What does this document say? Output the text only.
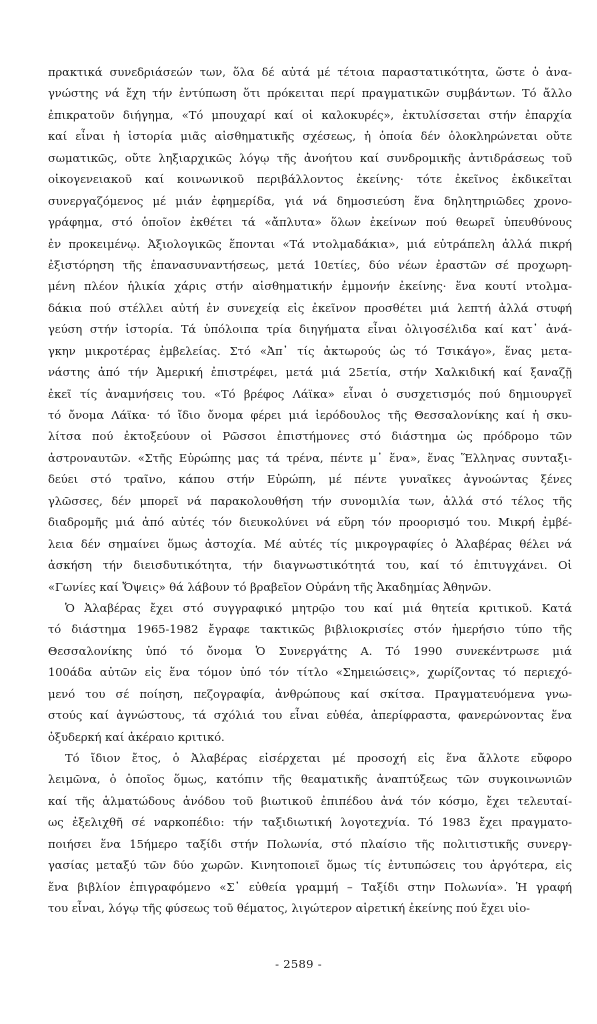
πρακτικά συνεδριάσεών των, ὅλα δέ αὐτά μέ τέτοια παραστατικότητα, ὥστε ὁ ἀνα-
γνώστης νά ἔχη τήν ἐντύπωση ὅτι πρόκειται περί πραγματικῶν συμβάντων. Τό ἄλλο
ἐπικρατοῦν διήγημα, «Τό μπουχαρί καί οἱ καλοκυρές», ἐκτυλίσσεται στήν ἐπαρχία
καί εἶναι ἡ ἱστορία μιᾶς αἰσθηματικῆς σχέσεως, ἡ ὁποία δέν ὁλοκληρώνεται οὔτε
σωματικῶς, οὔτε ληξιαρχικῶς λόγῳ τῆς ἀνοήτου καί συνδρομικῆς ἀντιδράσεως τοῦ
οἰκογενειακοῦ καί κοινωνικοῦ περιβάλλοντος ἐκείνης· τότε ἐκεῖνος ἐκδικεῖται
συνεργαζόμενος μέ μιάν ἐφημερίδα, γιά νά δημοσιεύση ἕνα δηλητηριῶδες χρονο-
γράφημα, στό ὁποῖον ἐκθέτει τά «ἄπλυτα» ὅλων ἐκείνων πού θεωρεῖ ὑπευθύνους
ἐν προκειμένῳ. Ἀξιολογικῶς ἕπονται «Τά ντολμαδάκια», μιά εὐτράπελη ἀλλά πικρή
ἐξιστόρηση τῆς ἐπανασυναντήσεως, μετά 10ετίες, δύο νέων ἐραστῶν σέ προχωρη-
μένη πλέον ἡλικία χάρις στήν αἰσθηματικήν ἐμμονήν ἐκείνης· ἕνα κουτί ντολμα-
δάκια πού στέλλει αὐτή ἐν συνεχείᾳ εἰς ἐκεῖνον προσθέτει μιά λεπτή ἀλλά στυφή
γεύση στήν ἱστορία. Τά ὑπόλοιπα τρία διηγήματα εἶναι ὀλιγοσέλιδα καί κατ᾽ ἀνά-
γκην μικροτέρας ἐμβελείας. Στό «Ἀπ᾽ τίς ἀκτωρούς ὡς τό Τσικάγο», ἕνας μετα-
νάστης ἀπό τήν Ἀμερική ἐπιστρέφει, μετά μιά 25ετία, στήν Χαλκιδική καί ξαναζῇ
ἐκεῖ τίς ἀναμνήσεις του. «Τό βρέφος Λάϊκα» εἶναι ὁ συσχετισμός πού δημιουργεῖ
τό ὄνομα Λάϊκα· τό ἴδιο ὄνομα φέρει μιά ἱερόδουλος τῆς Θεσσαλονίκης καί ἡ σκυ-
λίτσα πού ἐκτοξεύουν οἱ Ρῶσσοι ἐπιστήμονες στό διάστημα ὡς πρόδρομο τῶν
ἀστροναυτῶν. «Στῆς Εὐρώπης μας τά τρένα, πέντε μ᾽ ἕνα», ἕνας Ἕλληνας συνταξι-
δεύει στό τραῖνο, κάπου στήν Εὐρώπη, μέ πέντε γυναῖκες ἀγνοώντας ξένες
γλῶσσες, δέν μπορεῖ νά παρακολουθήση τήν συνομιλία των, ἀλλά στό τέλος τῆς
διαδρομῆς μιά ἀπό αὐτές τόν διευκολύνει νά εὕρη τόν προορισμό του. Μικρή ἐμβέ-
λεια δέν σημαίνει ὅμως ἀστοχία. Μέ αὐτές τίς μικρογραφίες ὁ Ἀλαβέρας θέλει νά
ἀσκήση τήν διεισδυτικότητα, τήν διαγνωστικότητά του, καί τό ἐπιτυγχάνει. Οἱ
«Γωνίες καί Ὄψεις» θά λάβουν τό βραβεῖον Οὐράνη τῆς Ἀκαδημίας Ἀθηνῶν.
Ὁ Ἀλαβέρας ἔχει στό συγγραφικό μητρῷο του καί μιά θητεία κριτικοῦ. Κατά
τό διάστημα 1965-1982 ἔγραφε τακτικῶς βιβλιοκρισίες στόν ἡμερήσιο τύπο τῆς
Θεσσαλονίκης ὑπό τό ὄνομα Ὁ Συνεργάτης Α. Τό 1990 συνεκέντρωσε μιά
100άδα αὐτῶν εἰς ἕνα τόμον ὑπό τόν τίτλο «Σημειώσεις», χωρίζοντας τό περιεχό-
μενό του σέ ποίηση, πεζογραφία, ἀνθρώπους καί σκίτσα. Πραγματευόμενα γνω-
στούς καί ἀγνώστους, τά σχόλιά του εἶναι εὐθέα, ἀπερίφραστα, φανερώνοντας ἕνα
ὀξυδερκή καί ἀκέραιο κριτικό.
Τό ἴδιον ἔτος, ὁ Ἀλαβέρας εἰσέρχεται μέ προσοχή εἰς ἕνα ἄλλοτε εὔφορο
λειμῶνα, ὁ ὁποῖος ὅμως, κατόπιν τῆς θεαματικῆς ἀναπτύξεως τῶν συγκοινωνιῶν
καί τῆς ἁλματώδους ἀνόδου τοῦ βιωτικοῦ ἐπιπέδου ἀνά τόν κόσμο, ἔχει τελευταί-
ως ἐξελιχθῆ σέ ναρκοπέδιο: τήν ταξιδιωτική λογοτεχνία. Τό 1983 ἔχει πραγματο-
ποιήσει ἕνα 15ήμερο ταξίδι στήν Πολωνία, στό πλαίσιο τῆς πολιτιστικῆς συνεργ-
γασίας μεταξύ τῶν δύο χωρῶν. Κινητοποιεῖ ὅμως τίς ἐντυπώσεις του ἀργότερα, εἰς
ἕνα βιβλίον ἐπιγραφόμενο «Σ᾽ εὐθεία γραμμή – Ταξίδι στην Πολωνία». Ἡ γραφή
του εἶναι, λόγῳ τῆς φύσεως τοῦ θέματος, λιγώτερον αἱρετική ἐκείνης πού ἔχει υἱο-
- 2589 -
